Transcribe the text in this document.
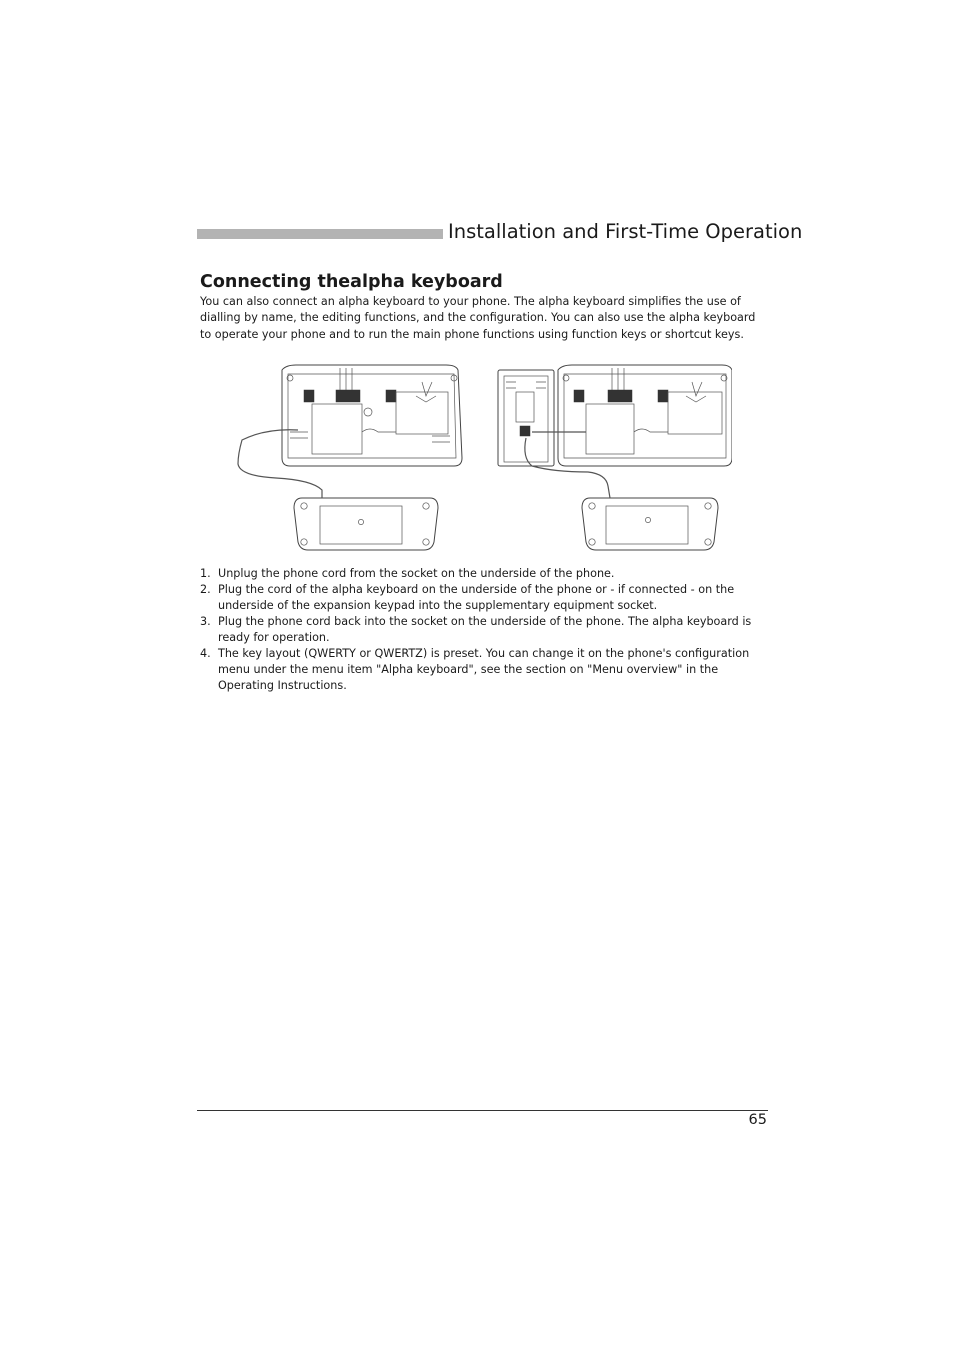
Installation and First-Time Operation
Connecting thealpha keyboard

You can also connect an alpha keyboard to your phone. The alpha keyboard simplifies the use of dialling by name, the editing functions, and the configuration. You can also use the alpha keyboard to operate your phone and to run the main phone functions using function keys or shortcut keys.

1. Unplug the phone cord from the socket on the underside of the phone.
2. Plug the cord of the alpha keyboard on the underside of the phone or - if connected - on the underside of the expansion keypad into the supplementary equipment socket.
3. Plug the phone cord back into the socket on the underside of the phone. The alpha keyboard is ready for operation.
4. The key layout (QWERTY or QWERTZ) is preset. You can change it on the phone's configuration menu under the menu item "Alpha keyboard", see the section on "Menu overview" in the Operating Instructions.
65
